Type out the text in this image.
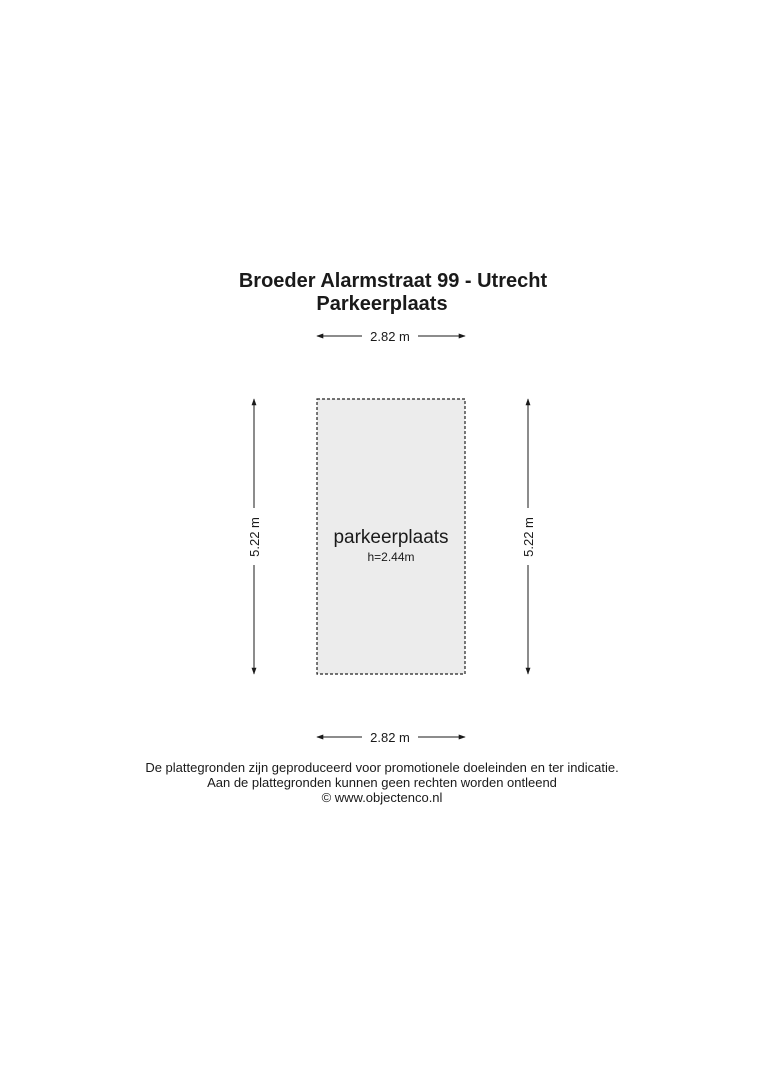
Broeder Alarmstraat 99 - Utrecht
Parkeerplaats
parkeerplaats
h=2.44m
2.82 m
2.82 m
5.22 m	5.22 m
De plattegronden zijn geproduceerd voor promotionele doeleinden en ter indicatie.
Aan de plattegronden kunnen geen rechten worden ontleend
© www.objectenco.nl
